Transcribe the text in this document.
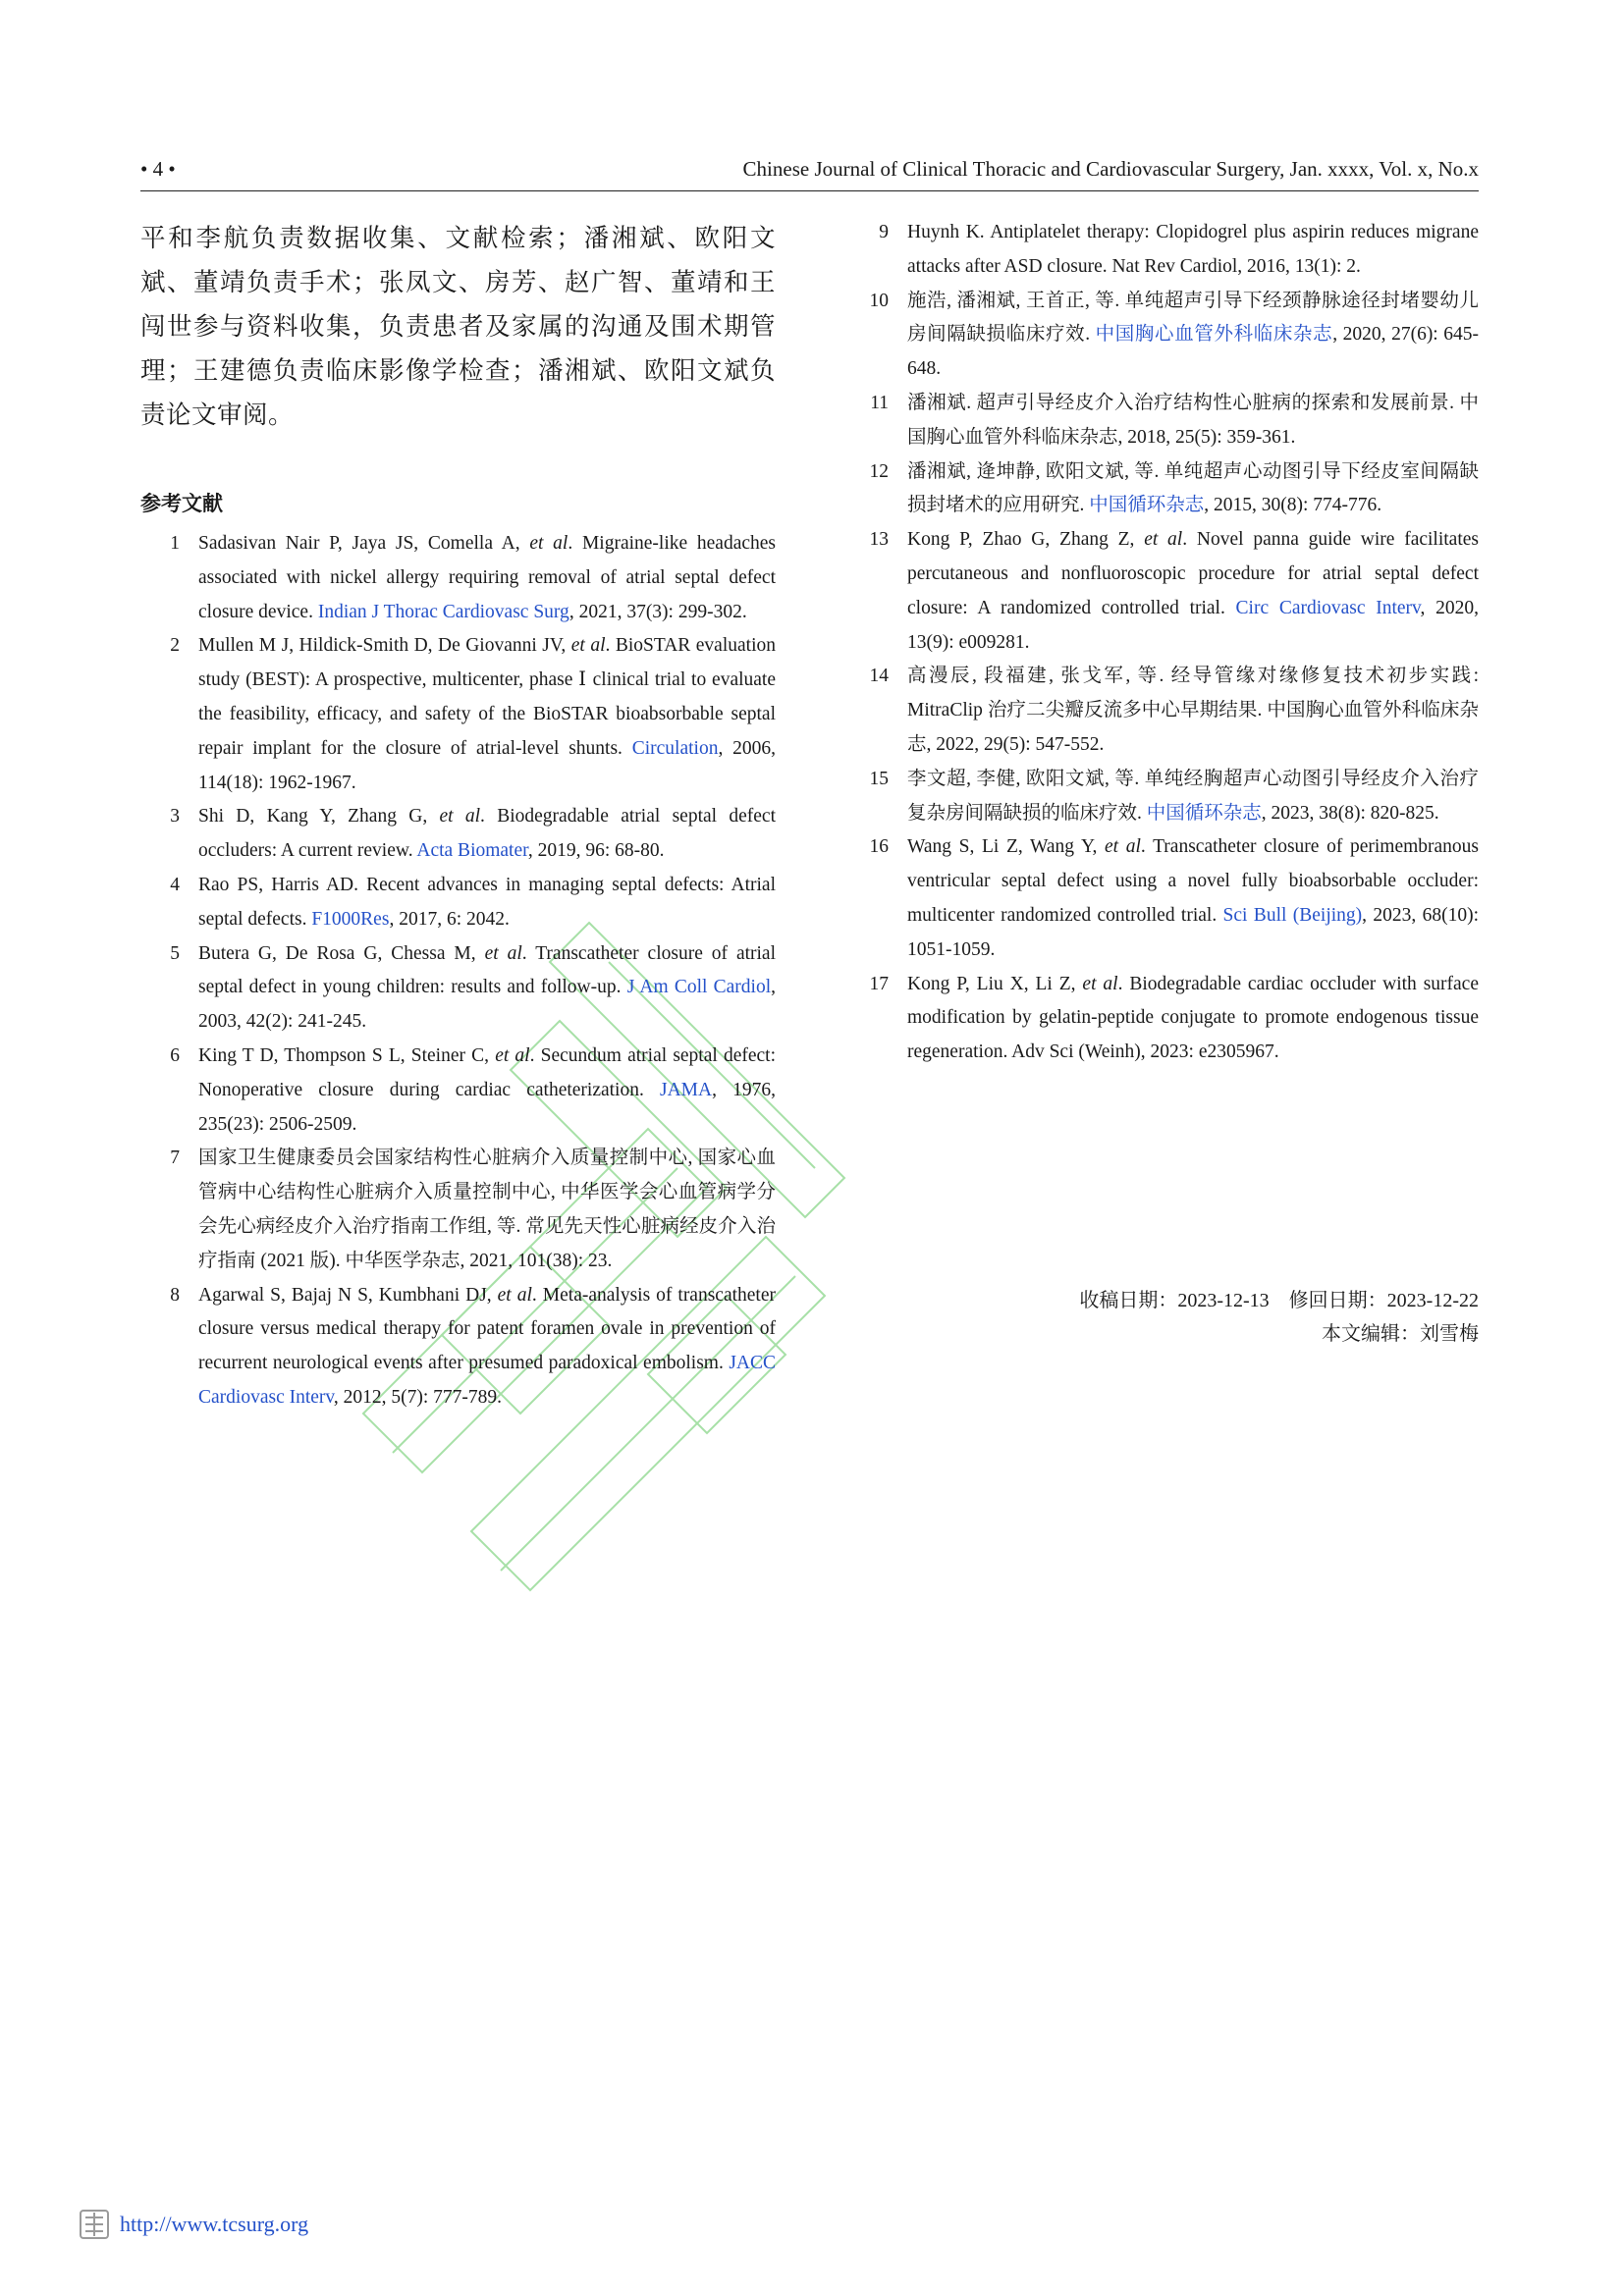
• 4 •	Chinese Journal of Clinical Thoracic and Cardiovascular Surgery, Jan. xxxx, Vol. x, No.x

平和李航负责数据收集、文献检索；潘湘斌、欧阳文斌、董靖负责手术；张凤文、房芳、赵广智、董靖和王闯世参与资料收集，负责患者及家属的沟通及围术期管理；王建德负责临床影像学检查；潘湘斌、欧阳文斌负责论文审阅。

参考文献
1 Sadasivan Nair P, Jaya JS, Comella A, et al. Migraine-like headaches associated with nickel allergy requiring removal of atrial septal defect closure device. Indian J Thorac Cardiovasc Surg, 2021, 37(3): 299-302.
2 Mullen M J, Hildick-Smith D, De Giovanni JV, et al. BioSTAR evaluation study (BEST): A prospective, multicenter, phase Ⅰ clinical trial to evaluate the feasibility, efficacy, and safety of the BioSTAR bioabsorbable septal repair implant for the closure of atrial-level shunts. Circulation, 2006, 114(18): 1962-1967.
3 Shi D, Kang Y, Zhang G, et al. Biodegradable atrial septal defect occluders: A current review. Acta Biomater, 2019, 96: 68-80.
4 Rao PS, Harris AD. Recent advances in managing septal defects: Atrial septal defects. F1000Res, 2017, 6: 2042.
5 Butera G, De Rosa G, Chessa M, et al. Transcatheter closure of atrial septal defect in young children: results and follow-up. J Am Coll Cardiol, 2003, 42(2): 241-245.
6 King T D, Thompson S L, Steiner C, et al. Secundum atrial septal defect: Nonoperative closure during cardiac catheterization. JAMA, 1976, 235(23): 2506-2509.
7 国家卫生健康委员会国家结构性心脏病介入质量控制中心, 国家心血管病中心结构性心脏病介入质量控制中心, 中华医学会心血管病学分会先心病经皮介入治疗指南工作组, 等. 常见先天性心脏病经皮介入治疗指南 (2021 版). 中华医学杂志, 2021, 101(38): 23.
8 Agarwal S, Bajaj N S, Kumbhani DJ, et al. Meta-analysis of transcatheter closure versus medical therapy for patent foramen ovale in prevention of recurrent neurological events after presumed paradoxical embolism. JACC Cardiovasc Interv, 2012, 5(7): 777-789.
9 Huynh K. Antiplatelet therapy: Clopidogrel plus aspirin reduces migrane attacks after ASD closure. Nat Rev Cardiol, 2016, 13(1): 2.
10 施浩, 潘湘斌, 王首正, 等. 单纯超声引导下经颈静脉途径封堵婴幼儿房间隔缺损临床疗效. 中国胸心血管外科临床杂志, 2020, 27(6): 645-648.
11 潘湘斌. 超声引导经皮介入治疗结构性心脏病的探索和发展前景. 中国胸心血管外科临床杂志, 2018, 25(5): 359-361.
12 潘湘斌, 逄坤静, 欧阳文斌, 等. 单纯超声心动图引导下经皮室间隔缺损封堵术的应用研究. 中国循环杂志, 2015, 30(8): 774-776.
13 Kong P, Zhao G, Zhang Z, et al. Novel panna guide wire facilitates percutaneous and nonfluoroscopic procedure for atrial septal defect closure: A randomized controlled trial. Circ Cardiovasc Interv, 2020, 13(9): e009281.
14 高漫辰, 段福建, 张戈军, 等. 经导管缘对缘修复技术初步实践: MitraClip 治疗二尖瓣反流多中心早期结果. 中国胸心血管外科临床杂志, 2022, 29(5): 547-552.
15 李文超, 李健, 欧阳文斌, 等. 单纯经胸超声心动图引导经皮介入治疗复杂房间隔缺损的临床疗效. 中国循环杂志, 2023, 38(8): 820-825.
16 Wang S, Li Z, Wang Y, et al. Transcatheter closure of perimembranous ventricular septal defect using a novel fully bioabsorbable occluder: multicenter randomized controlled trial. Sci Bull (Beijing), 2023, 68(10): 1051-1059.
17 Kong P, Liu X, Li Z, et al. Biodegradable cardiac occluder with surface modification by gelatin-peptide conjugate to promote endogenous tissue regeneration. Adv Sci (Weinh), 2023: e2305967.
收稿日期：2023-12-13　修回日期：2023-12-22
本文编辑：刘雪梅
http://www.tcsurg.org
